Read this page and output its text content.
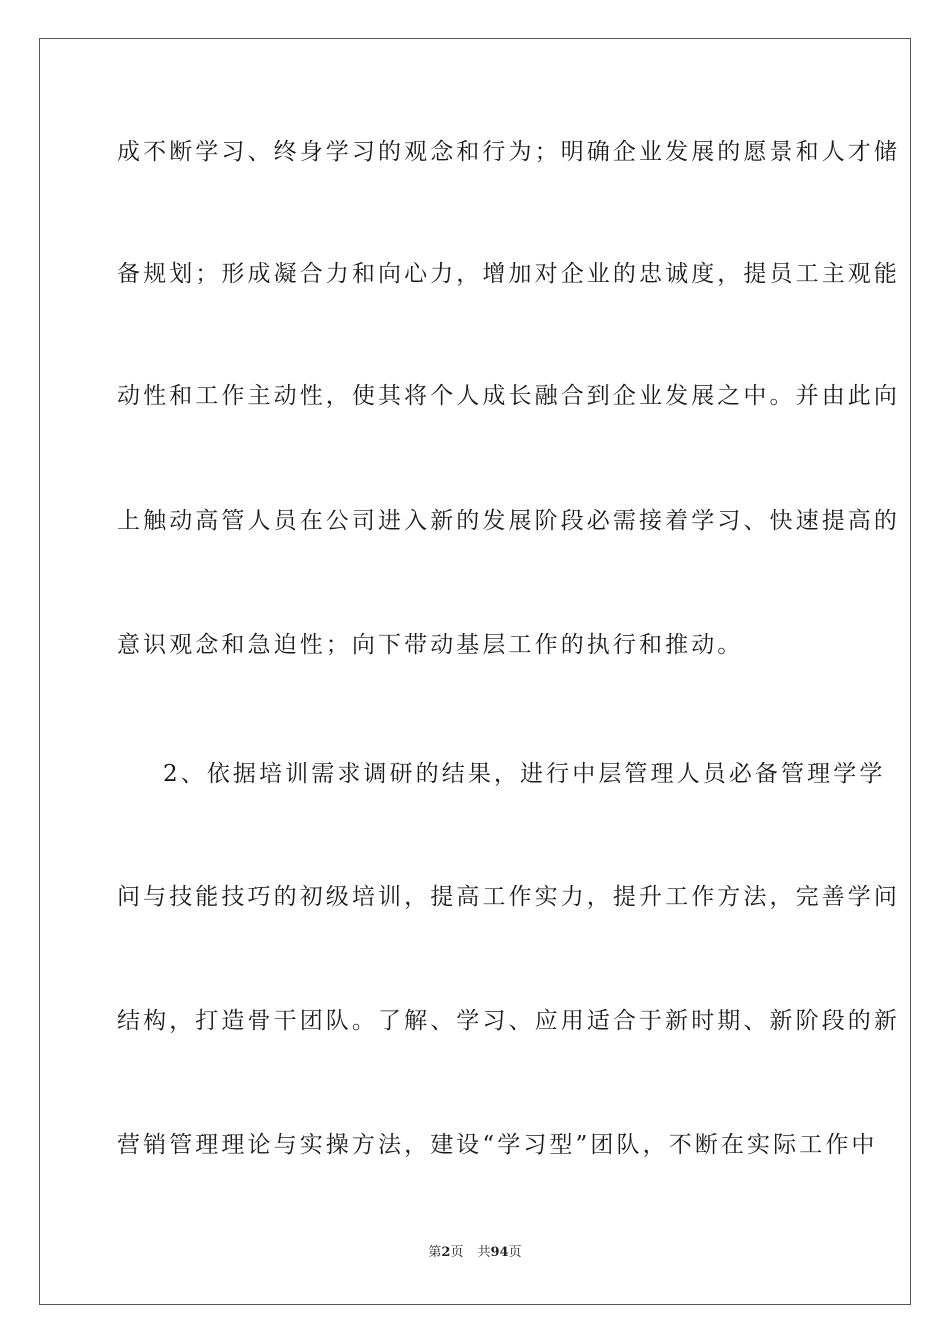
成不断学习、终身学习的观念和行为；明确企业发展的愿景和人才储
备规划；形成凝合力和向心力，增加对企业的忠诚度，提员工主观能
动性和工作主动性，使其将个人成长融合到企业发展之中。并由此向
上触动高管人员在公司进入新的发展阶段必需接着学习、快速提高的
意识观念和急迫性；向下带动基层工作的执行和推动。
2、依据培训需求调研的结果，进行中层管理人员必备管理学学
问与技能技巧的初级培训，提高工作实力，提升工作方法，完善学问
结构，打造骨干团队。了解、学习、应用适合于新时期、新阶段的新
营销管理理论与实操方法，建设“学习型”团队，不断在实际工作中
第2页 共94页
